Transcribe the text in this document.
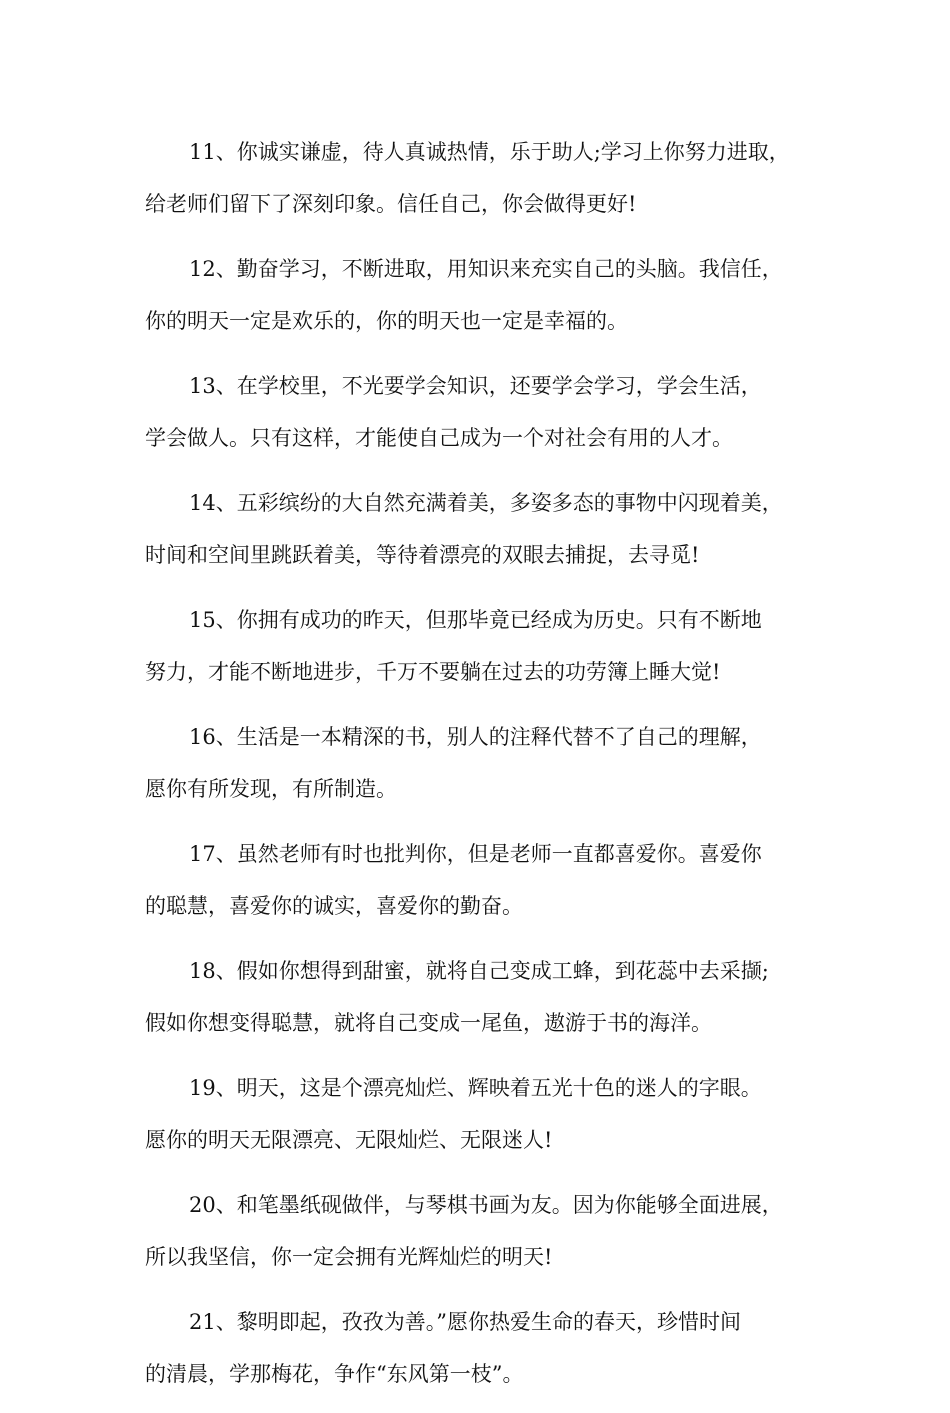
11、你诚实谦虚，待人真诚热情，乐于助人;学习上你努力进取，
给老师们留下了深刻印象。信任自己，你会做得更好!
12、勤奋学习，不断进取，用知识来充实自己的头脑。我信任，
你的明天一定是欢乐的，你的明天也一定是幸福的。
13、在学校里，不光要学会知识，还要学会学习，学会生活，
学会做人。只有这样，才能使自己成为一个对社会有用的人才。
14、五彩缤纷的大自然充满着美，多姿多态的事物中闪现着美，
时间和空间里跳跃着美，等待着漂亮的双眼去捕捉，去寻觅!
15、你拥有成功的昨天，但那毕竟已经成为历史。只有不断地
努力，才能不断地进步，千万不要躺在过去的功劳簿上睡大觉!
16、生活是一本精深的书，别人的注释代替不了自己的理解，
愿你有所发现，有所制造。
17、虽然老师有时也批判你，但是老师一直都喜爱你。喜爱你
的聪慧，喜爱你的诚实，喜爱你的勤奋。
18、假如你想得到甜蜜，就将自己变成工蜂，到花蕊中去采撷;
假如你想变得聪慧，就将自己变成一尾鱼，遨游于书的海洋。
19、明天，这是个漂亮灿烂、辉映着五光十色的迷人的字眼。
愿你的明天无限漂亮、无限灿烂、无限迷人!
20、和笔墨纸砚做伴，与琴棋书画为友。因为你能够全面进展，
所以我坚信，你一定会拥有光辉灿烂的明天!
21、黎明即起，孜孜为善。”愿你热爱生命的春天，珍惜时间
的清晨，学那梅花，争作“东风第一枝”。
